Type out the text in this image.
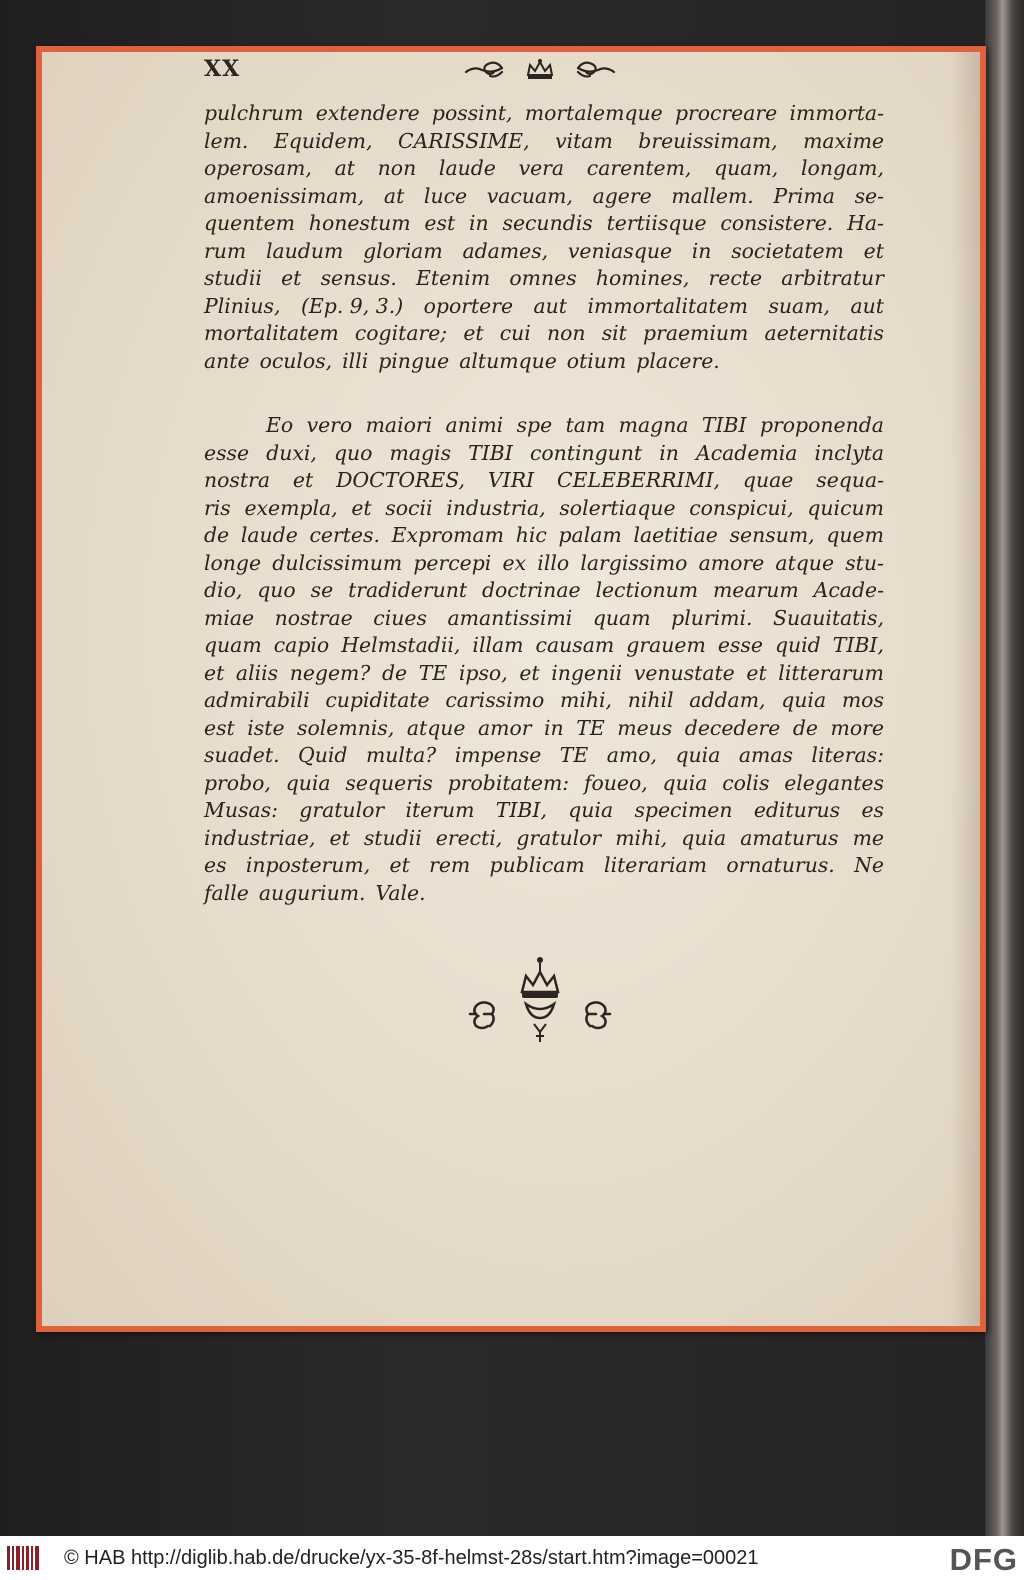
XX
pulchrum extendere possint, mortalemque procreare immorta-
lem. Equidem, CARISSIME, vitam breuissimam, maxime
operosam, at non laude vera carentem, quam, longam,
amoenissimam, at luce vacuam, agere mallem. Prima se-
quentem honestum est in secundis tertiisque consistere. Ha-
rum laudum gloriam adames, veniasque in societatem et
studii et sensus. Etenim omnes homines, recte arbitratur
Plinius, (Ep. 9, 3.) oportere aut immortalitatem suam, aut
mortalitatem cogitare; et cui non sit praemium aeternitatis
ante oculos, illi pingue altumque otium placere.
Eo vero maiori animi spe tam magna TIBI proponenda
esse duxi, quo magis TIBI contingunt in Academia inclyta
nostra et DOCTORES, VIRI CELEBERRIMI, quae sequa-
ris exempla, et socii industria, solertiaque conspicui, quicum
de laude certes. Expromam hic palam laetitiae sensum, quem
longe dulcissimum percepi ex illo largissimo amore atque stu-
dio, quo se tradiderunt doctrinae lectionum mearum Acade-
miae nostrae ciues amantissimi quam plurimi. Suauitatis,
quam capio Helmstadii, illam causam grauem esse quid TIBI,
et aliis negem? de TE ipso, et ingenii venustate et litterarum
admirabili cupiditate carissimo mihi, nihil addam, quia mos
est iste solemnis, atque amor in TE meus decedere de more
suadet. Quid multa? impense TE amo, quia amas literas:
probo, quia sequeris probitatem: foueo, quia colis elegantes
Musas: gratulor iterum TIBI, quia specimen editurus es
industriae, et studii erecti, gratulor mihi, quia amaturus me
es inposterum, et rem publicam literariam ornaturus. Ne
falle augurium. Vale.
© HAB http://diglib.hab.de/drucke/yx-35-8f-helmst-28s/start.htm?image=00021	DFG
